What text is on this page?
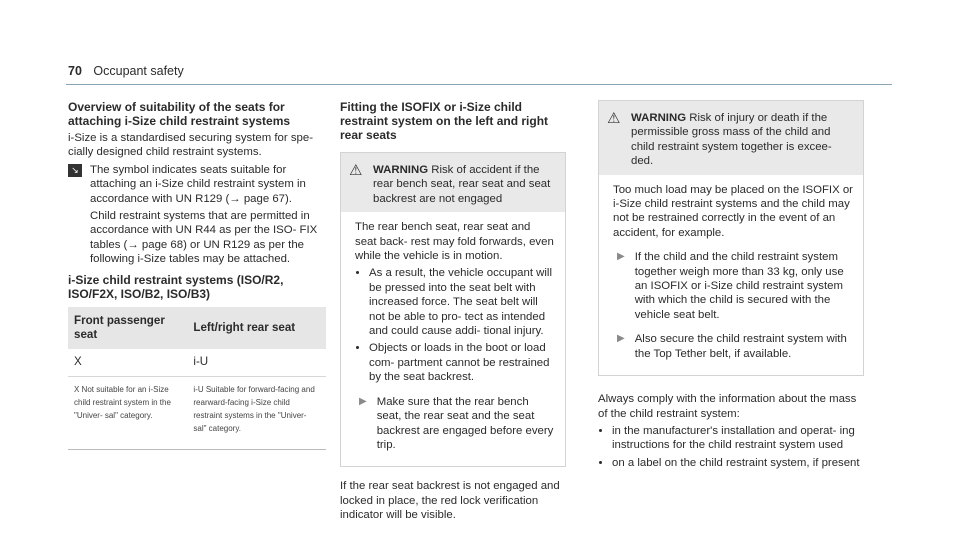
70 Occupant safety
Overview of suitability of the seats for attaching i-Size child restraint systems

i-Size is a standardised securing system for spe- cially designed child restraint systems.

↘ The symbol indicates seats suitable for attaching an i-Size child restraint system in accordance with UN R129 (→ page 67).

Child restraint systems that are permitted in accordance with UN R44 as per the ISO- FIX tables (→ page 68) or UN R129 as per the following i-Size tables may be attached.

i-Size child restraint systems (ISO/R2, ISO/F2X, ISO/B2, ISO/B3)
Front passenger seat	Left/right rear seat
X	i-U
X Not suitable for an i-Size child restraint system in the "Univer- sal" category.	i-U Suitable for forward-facing and rearward-facing i-Size child restraint systems in the "Univer- sal" category.
Fitting the ISOFIX or i-Size child restraint system on the left and right rear seats
⚠ WARNING Risk of accident if the rear bench seat, rear seat and seat backrest are not engaged

The rear bench seat, rear seat and seat back- rest may fold forwards, even while the vehicle is in motion.

• As a result, the vehicle occupant will be pressed into the seat belt with increased force. The seat belt will not be able to pro- tect as intended and could cause addi- tional injury.
• Objects or loads in the boot or load com- partment cannot be restrained by the seat backrest.
▶ Make sure that the rear bench seat, the rear seat and the seat backrest are engaged before every trip.

If the rear seat backrest is not engaged and locked in place, the red lock verification indicator will be visible.

⚠ WARNING Risk of injury or death if the permissible gross mass of the child and child restraint system together is excee- ded.

Too much load may be placed on the ISOFIX or i-Size child restraint systems and the child may not be restrained correctly in the event of an accident, for example.

▶ If the child and the child restraint system together weigh more than 33 kg, only use an ISOFIX or i-Size child restraint system with which the child is secured with the vehicle seat belt.
▶ Also secure the child restraint system with the Top Tether belt, if available.

Always comply with the information about the mass of the child restraint system:

• in the manufacturer's installation and operat- ing instructions for the child restraint system used
• on a label on the child restraint system, if present
